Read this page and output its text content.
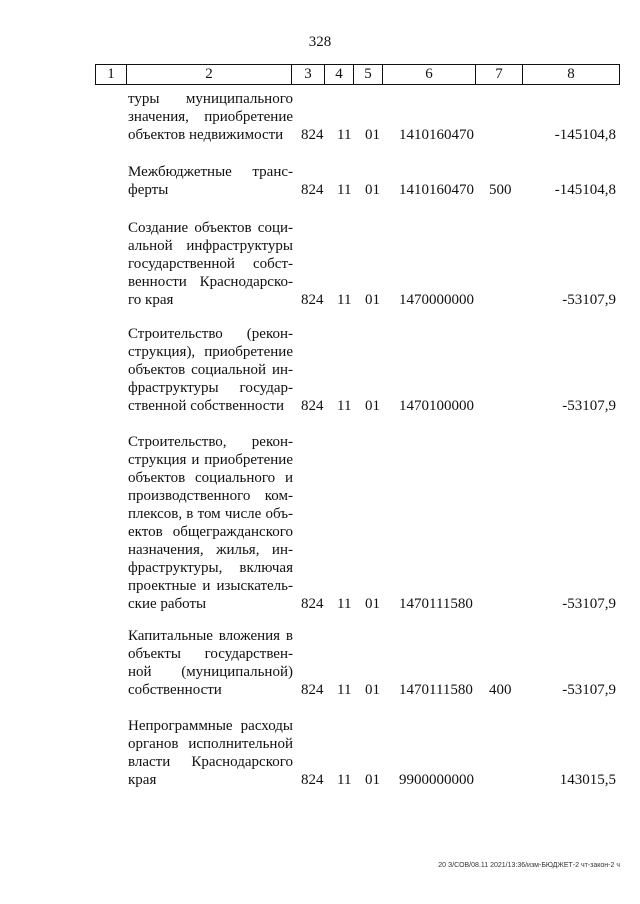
328
1	2	3	4	5	6	7	8
туры муниципального
значения, приобретение
объектов недвижимости	824 11 01 1410160470	-145104,8
Межбюджетные транс-
ферты	824 11 01 1410160470 500	-145104,8
Создание объектов соци-
альной инфраструктуры
государственной собст-
венности Краснодарско-
го края	824 11 01 1470000000	-53107,9
Строительство (рекон-
струкция), приобретение
объектов социальной ин-
фраструктуры государ-
ственной собственности	824 11 01 1470100000	-53107,9
Строительство, рекон-
струкция и приобретение
объектов социального и
производственного ком-
плексов, в том числе объ-
ектов общегражданского
назначения, жилья, ин-
фраструктуры, включая
проектные и изыскатель-
ские работы	824 11 01 1470111580	-53107,9
Капитальные вложения в
объекты государствен-
ной (муниципальной)
собственности	824 11 01 1470111580 400	-53107,9
Непрограммные расходы
органов исполнительной
власти Краснодарского
края	824 11 01 9900000000	143015,5
20 З/СОВ/08.11 2021/13:36/изм-БЮДЖЕТ-2 чт-закон-2 ч
